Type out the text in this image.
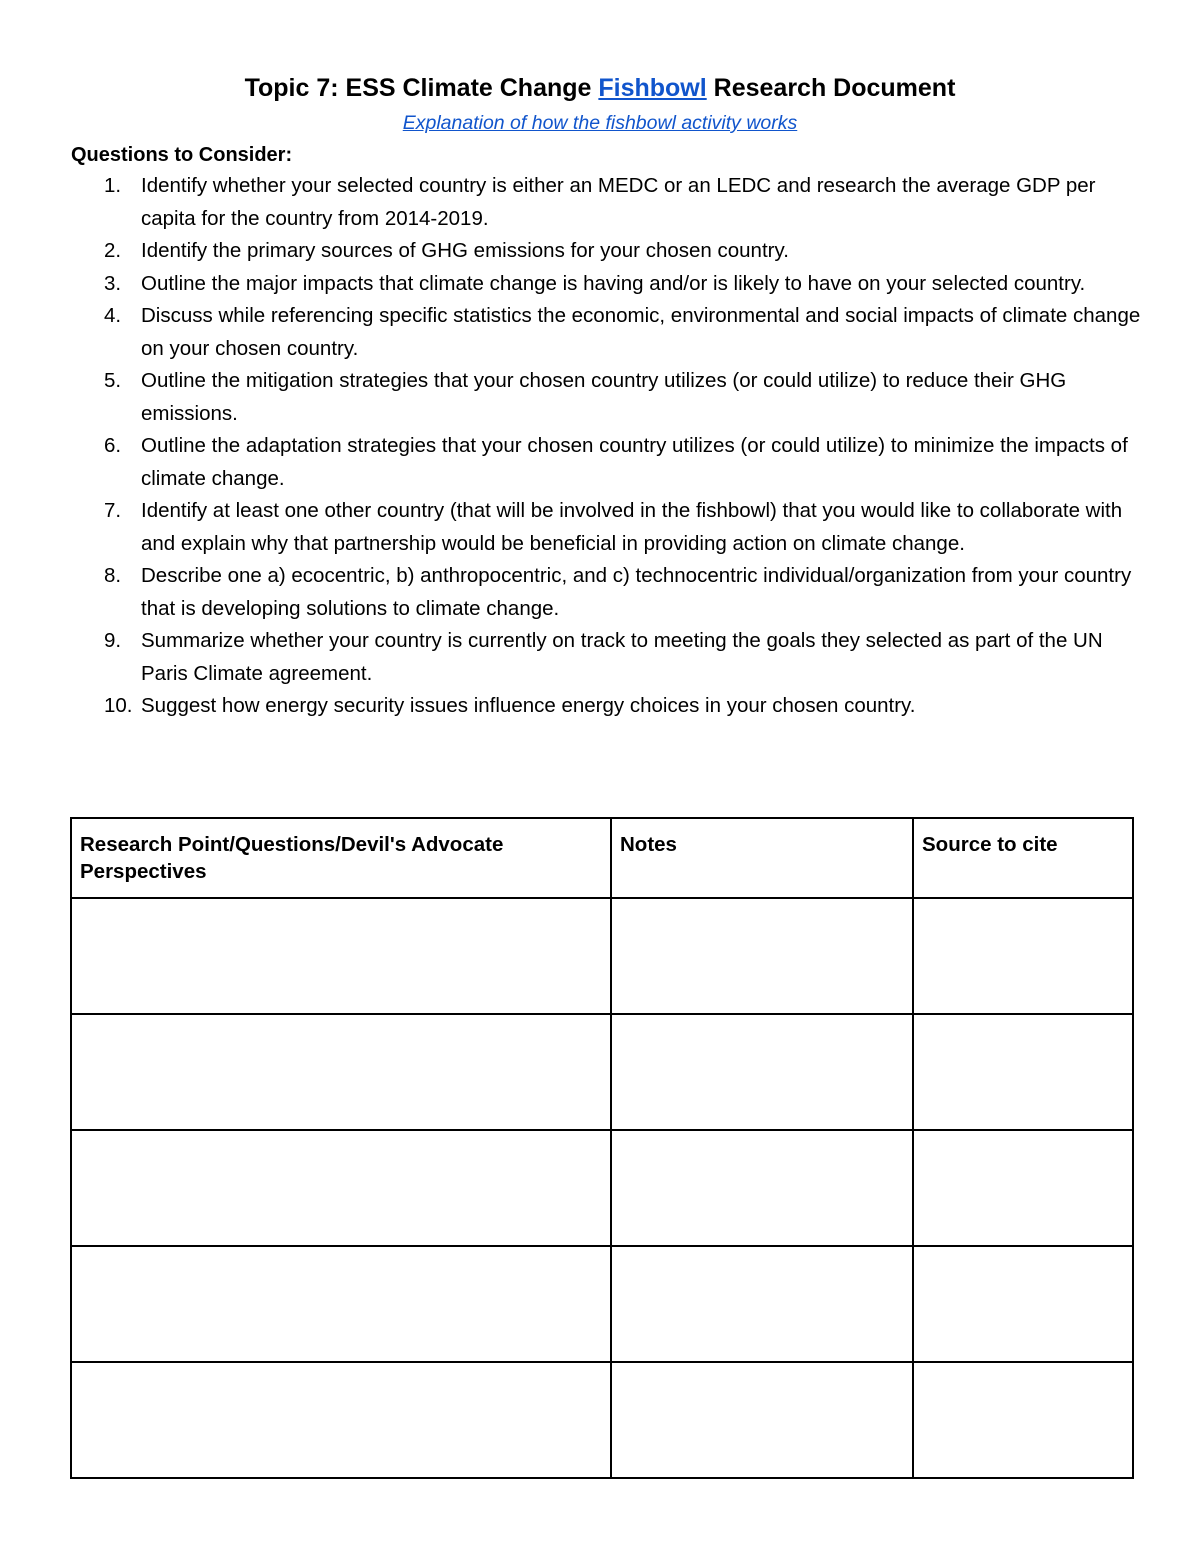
Topic 7: ESS Climate Change Fishbowl Research Document
Explanation of how the fishbowl activity works
Questions to Consider:
1. Identify whether your selected country is either an MEDC or an LEDC and research the average GDP per capita for the country from 2014-2019.
2. Identify the primary sources of GHG emissions for your chosen country.
3. Outline the major impacts that climate change is having and/or is likely to have on your selected country.
4. Discuss while referencing specific statistics the economic, environmental and social impacts of climate change on your chosen country.
5. Outline the mitigation strategies that your chosen country utilizes (or could utilize) to reduce their GHG emissions.
6. Outline the adaptation strategies that your chosen country utilizes (or could utilize) to minimize the impacts of climate change.
7. Identify at least one other country (that will be involved in the fishbowl) that you would like to collaborate with and explain why that partnership would be beneficial in providing action on climate change.
8. Describe one a) ecocentric, b) anthropocentric, and c) technocentric individual/organization from your country that is developing solutions to climate change.
9. Summarize whether your country is currently on track to meeting the goals they selected as part of the UN Paris Climate agreement.
10. Suggest how energy security issues influence energy choices in your chosen country.
Research Point/Questions/Devil's Advocate Perspectives	Notes	Source to cite
